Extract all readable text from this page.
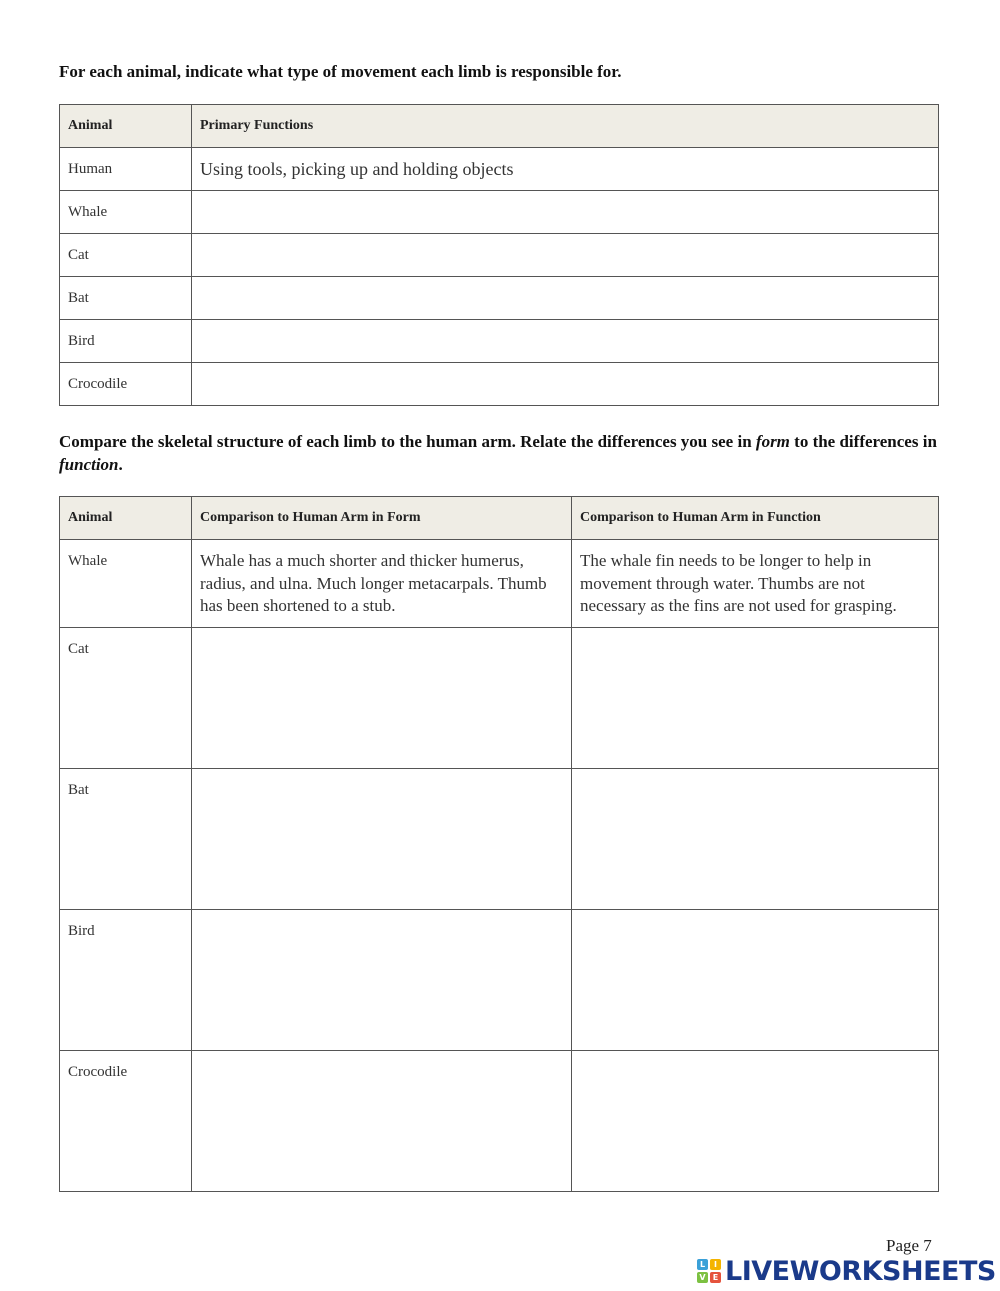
For each animal, indicate what type of movement each limb is responsible for.
Animal	Primary Functions
Human	Using tools, picking up and holding objects
Whale	
Cat	
Bat	
Bird	
Crocodile	
Compare the skeletal structure of each limb to the human arm. Relate the differences you see in form to the differences in function.
Animal	Comparison to Human Arm in Form	Comparison to Human Arm in Function
Whale	Whale has a much shorter and thicker humerus, radius, and ulna. Much longer metacarpals. Thumb has been shortened to a stub.	The whale fin needs to be longer to help in movement through water. Thumbs are not necessary as the fins are not used for grasping.
Cat		
Bat		
Bird		
Crocodile		
Page 7
L	I
V E LIVEWORKSHEETS
